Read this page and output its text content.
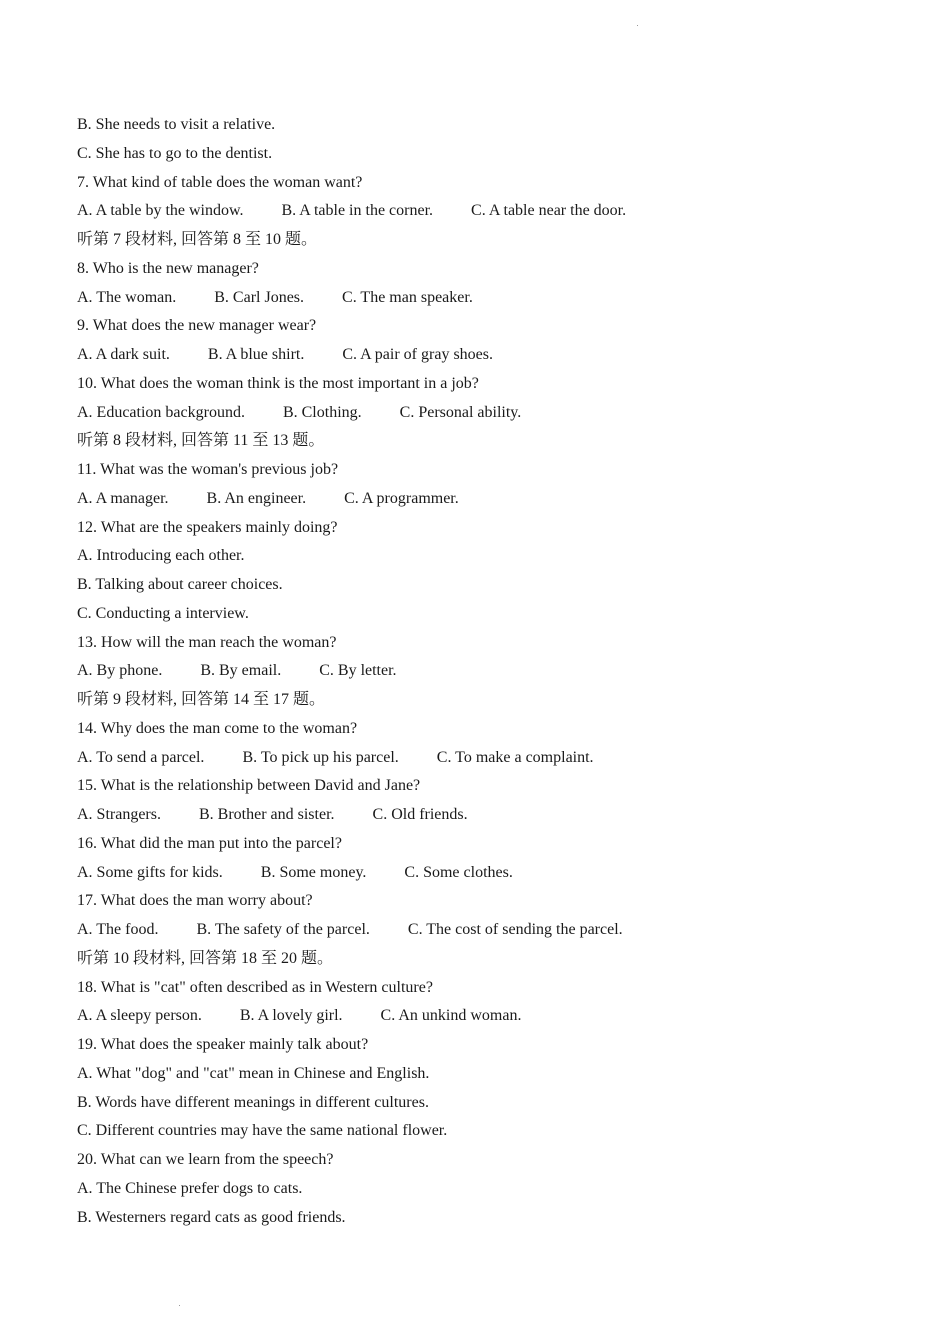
B. She needs to visit a relative.
C. She has to go to the dentist.
7. What kind of table does the woman want?
A. A table by the window. B. A table in the corner. C. A table near the door.
听第 7 段材料, 回答第 8 至 10 题。
8. Who is the new manager?
A. The woman. B. Carl Jones. C. The man speaker.
9. What does the new manager wear?
A. A dark suit. B. A blue shirt. C. A pair of gray shoes.
10. What does the woman think is the most important in a job?
A. Education background. B. Clothing. C. Personal ability.
听第 8 段材料, 回答第 11 至 13 题。
11. What was the woman's previous job?
A. A manager. B. An engineer. C. A programmer.
12. What are the speakers mainly doing?
A. Introducing each other.
B. Talking about career choices.
C. Conducting a interview.
13. How will the man reach the woman?
A. By phone. B. By email. C. By letter.
听第 9 段材料, 回答第 14 至 17 题。
14. Why does the man come to the woman?
A. To send a parcel. B. To pick up his parcel. C. To make a complaint.
15. What is the relationship between David and Jane?
A. Strangers. B. Brother and sister. C. Old friends.
16. What did the man put into the parcel?
A. Some gifts for kids. B. Some money. C. Some clothes.
17. What does the man worry about?
A. The food. B. The safety of the parcel. C. The cost of sending the parcel.
听第 10 段材料, 回答第 18 至 20 题。
18. What is "cat" often described as in Western culture?
A. A sleepy person. B. A lovely girl. C. An unkind woman.
19. What does the speaker mainly talk about?
A. What "dog" and "cat" mean in Chinese and English.
B. Words have different meanings in different cultures.
C. Different countries may have the same national flower.
20. What can we learn from the speech?
A. The Chinese prefer dogs to cats.
B. Westerners regard cats as good friends.
